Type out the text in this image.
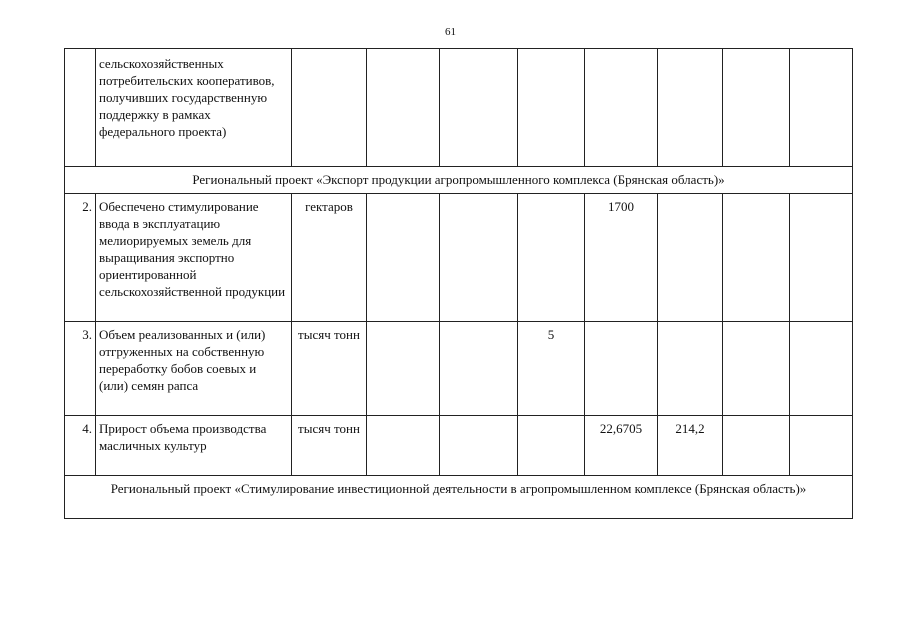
61
	сельскохозяйственных потребительских кооперативов, получивших государственную поддержку в рамках федерального проекта)								
Региональный проект «Экспорт продукции агропромышленного комплекса (Брянская область)»									
2.	Обеспечено стимулирование ввода в эксплуатацию мелиорируемых земель для выращивания экспортно ориентированной сельскохозяйственной продукции	гектаров				1700			
3.	Объем реализованных и (или) отгруженных на собственную переработку бобов соевых и (или) семян рапса	тысяч тонн			5				
4.	Прирост объема производства масличных культур	тысяч тонн				22,6705	214,2		
Региональный проект «Стимулирование инвестиционной деятельности в агропромышленном комплексе (Брянская область)»									
